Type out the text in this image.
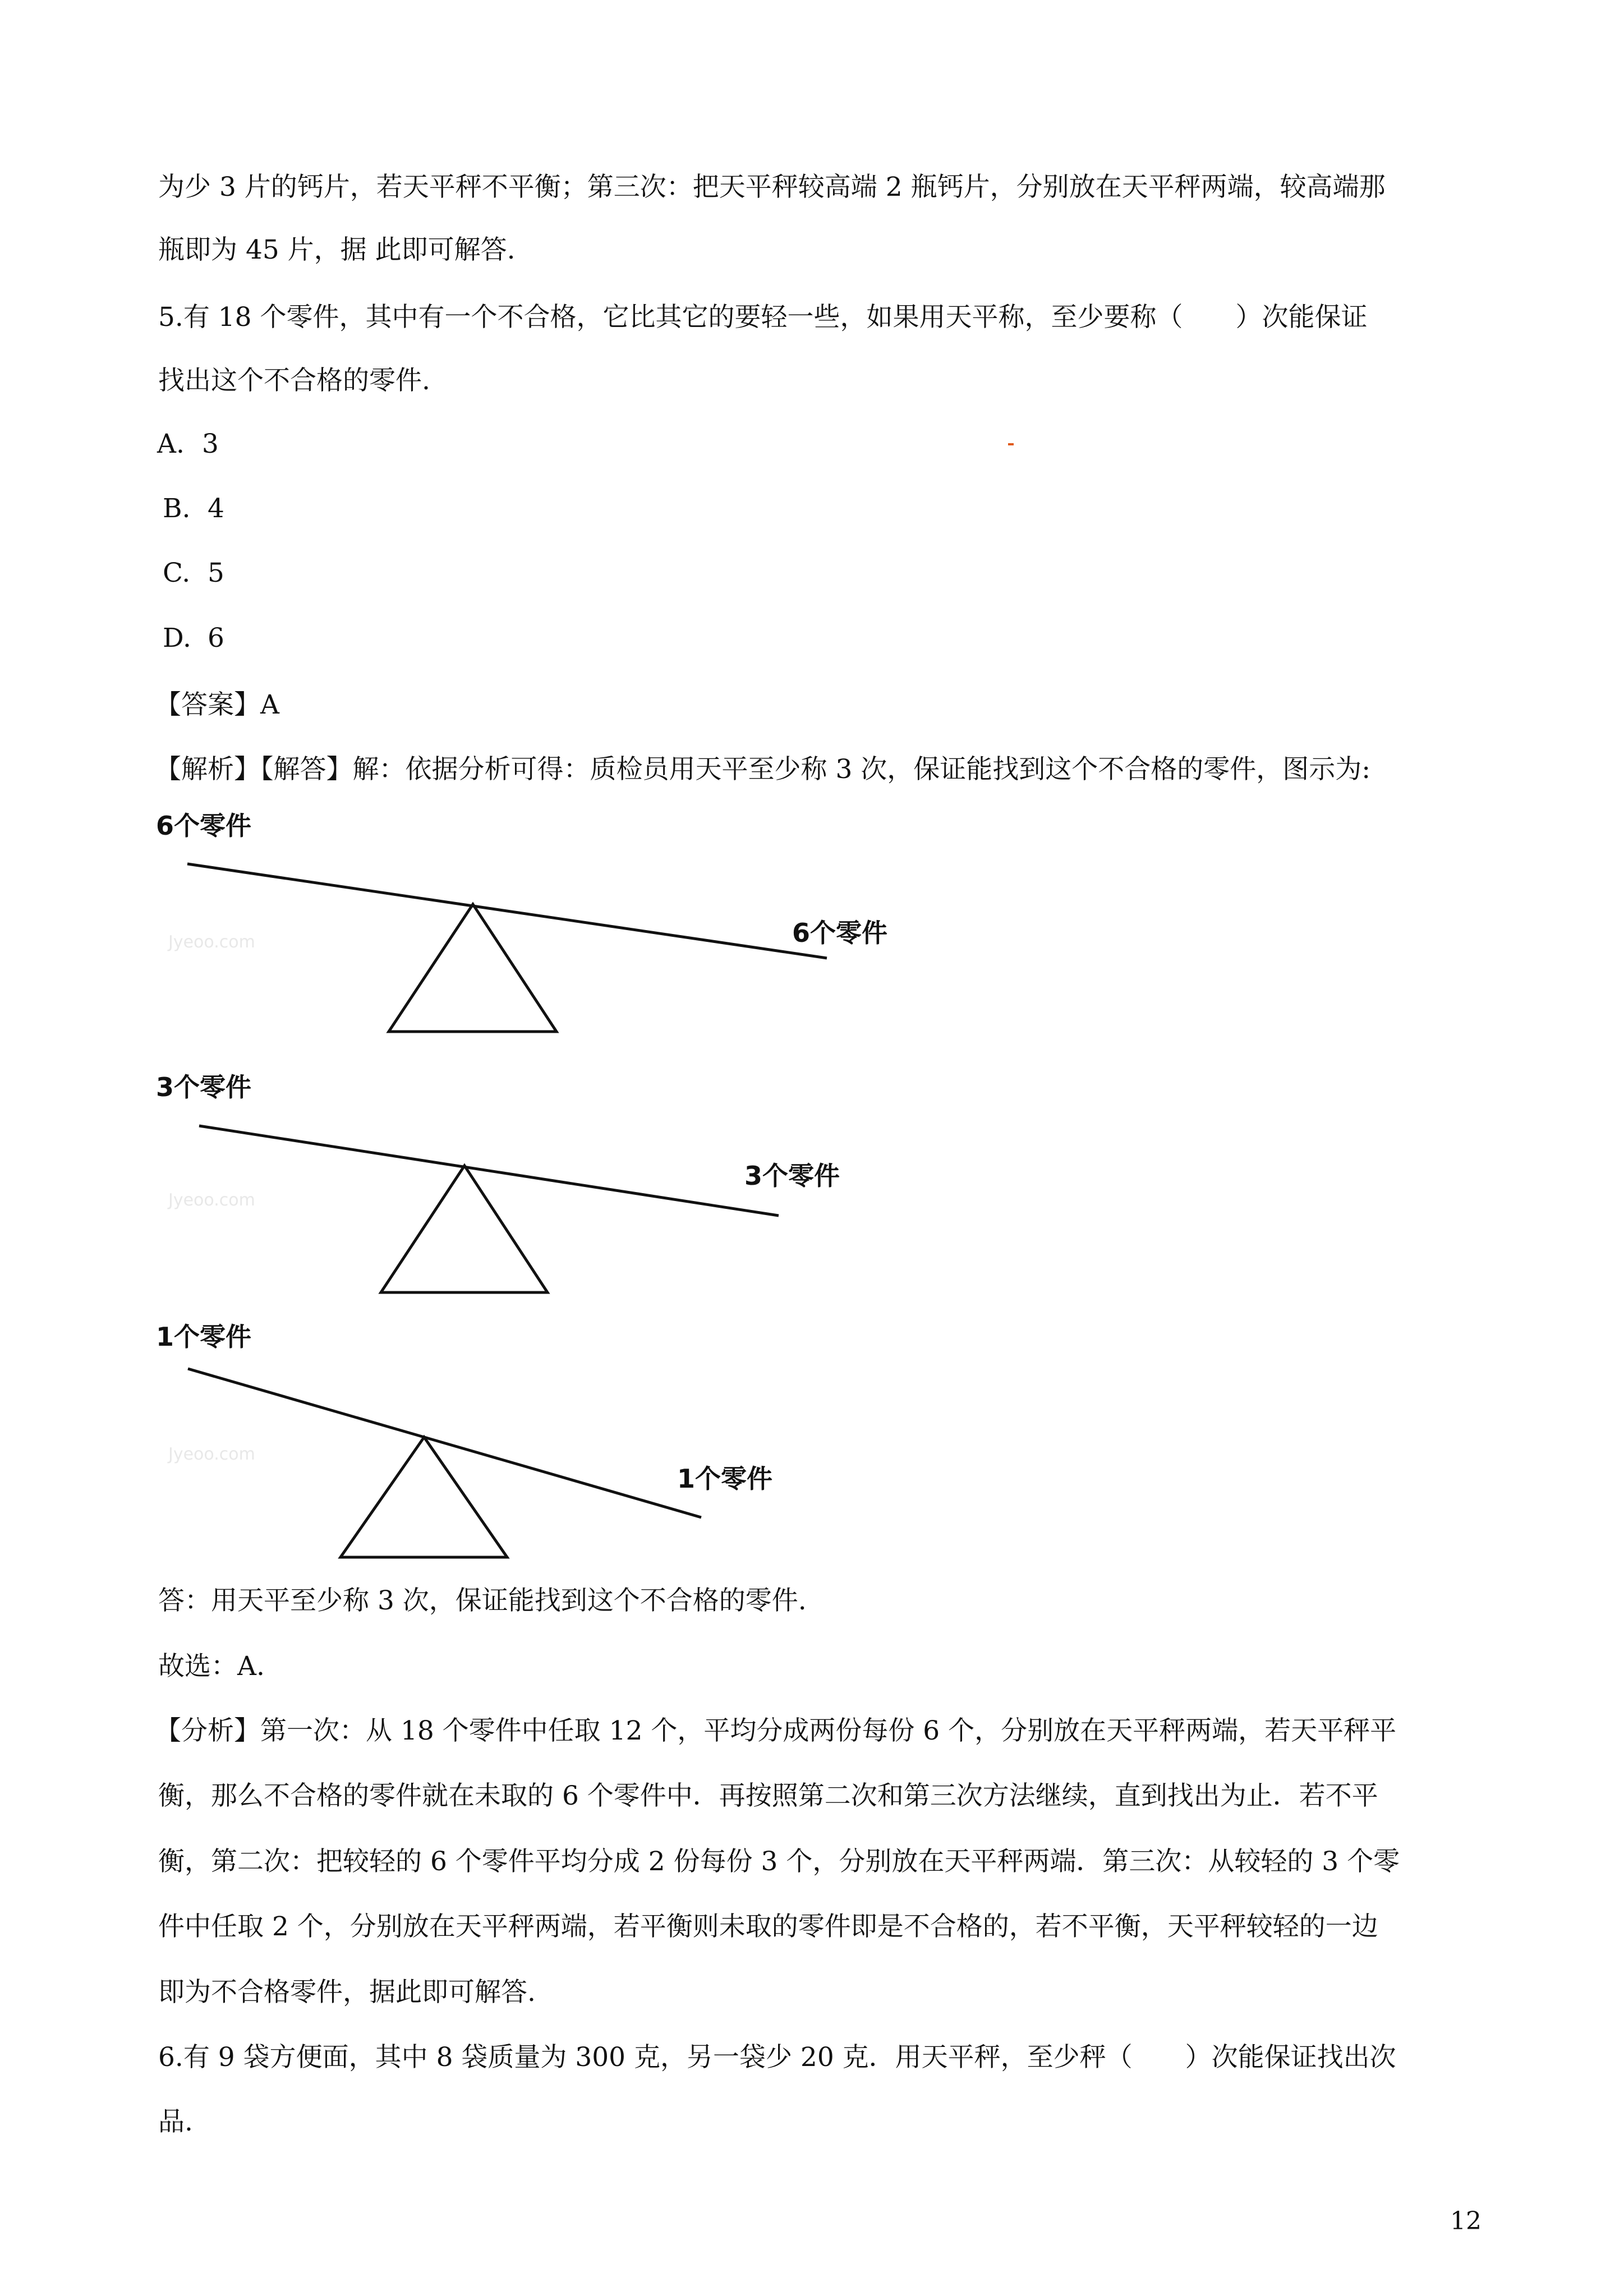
为少 3 片的钙片，若天平秤不平衡；第三次：把天平秤较高端 2 瓶钙片，分别放在天平秤两端，较高端那
瓶即为 45 片，据 此即可解答.
5.有 18 个零件，其中有一个不合格，它比其它的要轻一些，如果用天平称，至少要称（　　）次能保证
找出这个不合格的零件.
A. 3
B. 4
C. 5
D. 6
【答案】A
【解析】【解答】解：依据分析可得：质检员用天平至少称 3 次，保证能找到这个不合格的零件，图示为:
6个零件
6个零件
Jyeoo.com
3个零件
3个零件
Jyeoo.com
1个零件
1个零件
Jyeoo.com
答：用天平至少称 3 次，保证能找到这个不合格的零件.
故选：A.
【分析】第一次：从 18 个零件中任取 12 个，平均分成两份每份 6 个，分别放在天平秤两端，若天平秤平
衡，那么不合格的零件就在未取的 6 个零件中．再按照第二次和第三次方法继续，直到找出为止．若不平
衡，第二次：把较轻的 6 个零件平均分成 2 份每份 3 个，分别放在天平秤两端．第三次：从较轻的 3 个零
件中任取 2 个，分别放在天平秤两端，若平衡则未取的零件即是不合格的，若不平衡，天平秤较轻的一边
即为不合格零件，据此即可解答.
6.有 9 袋方便面，其中 8 袋质量为 300 克，另一袋少 20 克．用天平秤，至少秤（　　）次能保证找出次
品.
12
